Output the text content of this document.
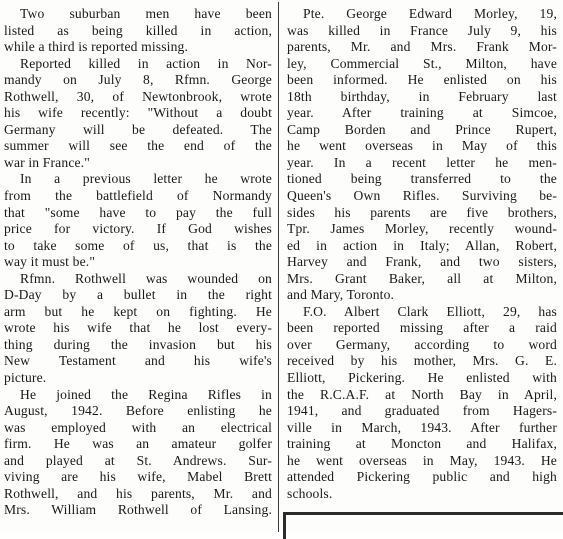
Two suburban men have been
listed as being killed in action,
while a third is reported missing.
Reported killed in action in Nor-
mandy on July 8, Rfmn. George
Rothwell, 30, of Newtonbrook, wrote
his wife recently: "Without a doubt
Germany will be defeated. The
summer will see the end of the
war in France."
In a previous letter he wrote
from the battlefield of Normandy
that "some have to pay the full
price for victory. If God wishes
to take some of us, that is the
way it must be."
Rfmn. Rothwell was wounded on
D-Day by a bullet in the right
arm but he kept on fighting. He
wrote his wife that he lost every-
thing during the invasion but his
New Testament and his wife's
picture.
He joined the Regina Rifles in
August, 1942. Before enlisting he
was employed with an electrical
firm. He was an amateur golfer
and played at St. Andrews. Sur-
viving are his wife, Mabel Brett
Rothwell, and his parents, Mr. and
Mrs. William Rothwell of Lansing.
Pte. George Edward Morley, 19,
was killed in France July 9, his
parents, Mr. and Mrs. Frank Mor-
ley, Commercial St., Milton, have
been informed. He enlisted on his
18th birthday, in February last
year. After training at Simcoe,
Camp Borden and Prince Rupert,
he went overseas in May of this
year. In a recent letter he men-
tioned being transferred to the
Queen's Own Rifles. Surviving be-
sides his parents are five brothers,
Tpr. James Morley, recently wound-
ed in action in Italy; Allan, Robert,
Harvey and Frank, and two sisters,
Mrs. Grant Baker, all at Milton,
and Mary, Toronto.
F.O. Albert Clark Elliott, 29, has
been reported missing after a raid
over Germany, according to word
received by his mother, Mrs. G. E.
Elliott, Pickering. He enlisted with
the R.C.A.F. at North Bay in April,
1941, and graduated from Hagers-
ville in March, 1943. After further
training at Moncton and Halifax,
he went overseas in May, 1943. He
attended Pickering public and high
schools.
